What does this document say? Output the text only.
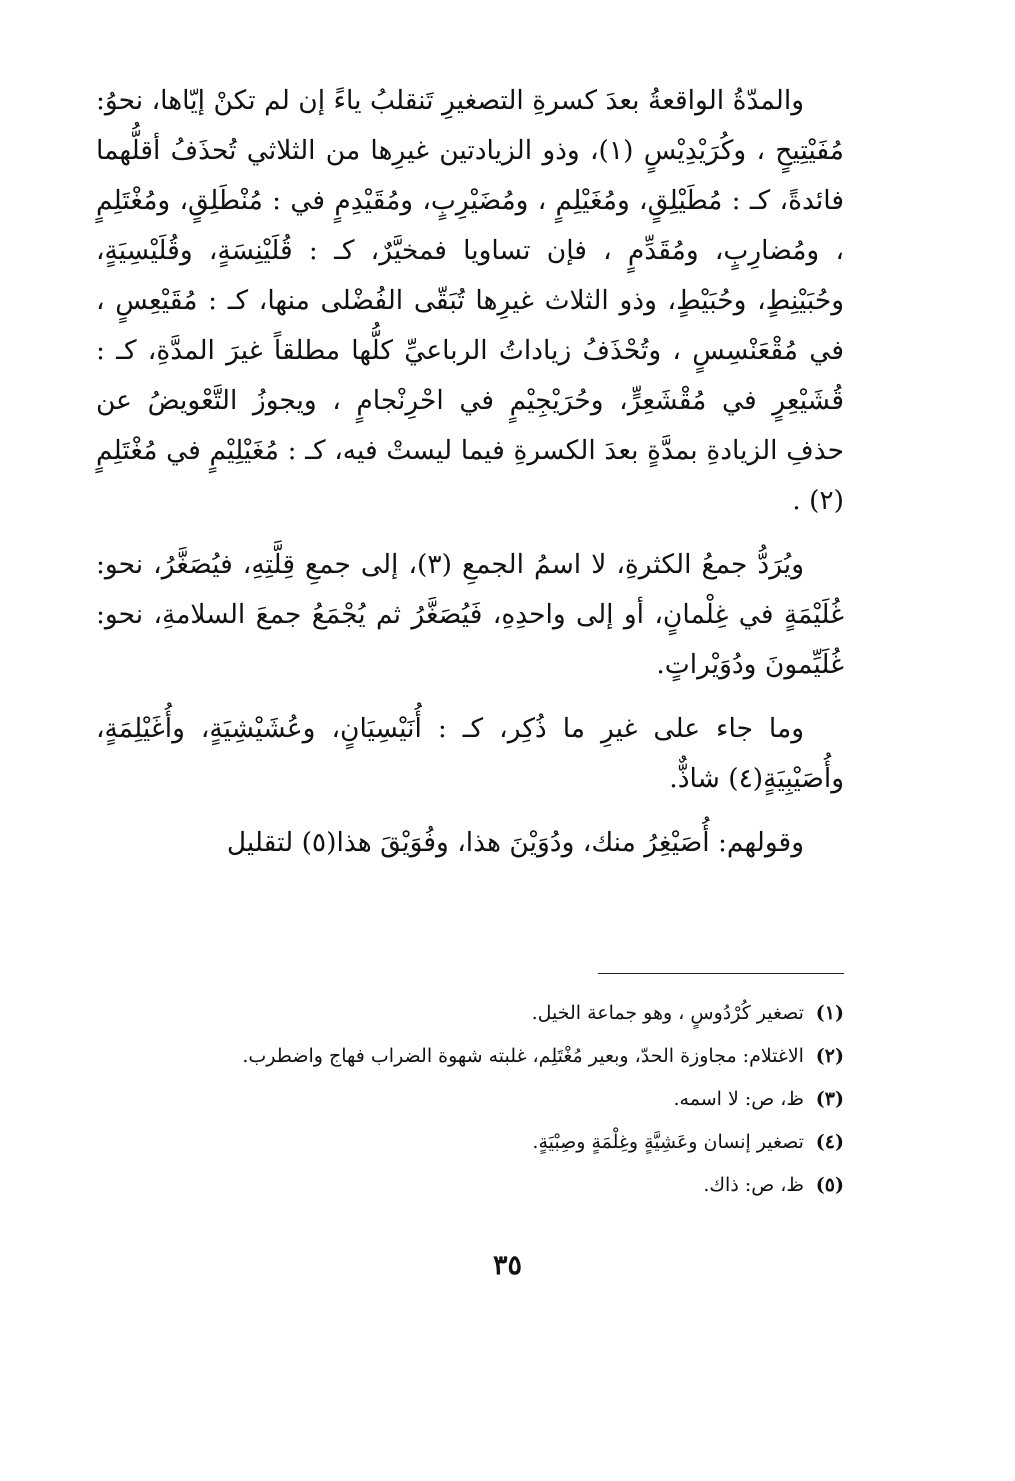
والمدّةُ الواقعةُ بعدَ كسرةِ التصغيرِ تَنقلبُ ياءً إن لم تكنْ إيّاها، نحوُ: مُفَيْتِيحٍ ، وكُرَيْدِيْسٍ (١)، وذو الزيادتين غيرِها من الثلاثي تُحذَفُ أقلُّهما فائدةً، كـ : مُطَيْلِقٍ، ومُغَيْلِمٍ ، ومُضَيْرِبٍ، ومُقَيْدِمٍ في : مُنْطَلِقٍ، ومُغْتَلِمٍ ، ومُضارِبٍ، ومُقَدِّمٍ ، فإن تساويا فمخيَّرٌ، كـ : قُلَيْنِسَةٍ، وقُلَيْسِيَةٍ، وحُبَيْنِطٍ، وحُبَيْطٍ، وذو الثلاث غيرِها تُبَقّى الفُضْلى منها، كـ : مُقَيْعِسٍ ، في مُقْعَنْسِسٍ ، وتُحْذَفُ زياداتُ الرباعيِّ كلُّها مطلقاً غيرَ المدَّةِ، كـ : قُشَيْعِرٍ في مُقْشَعِرٍّ، وحُرَيْجِيْمٍ في احْرِنْجامٍ ، ويجوزُ التَّعْويضُ عن حذفِ الزيادةِ بمدَّةٍ بعدَ الكسرةِ فيما ليستْ فيه، كـ : مُغَيْلِيْمٍ في مُغْتَلِمٍ (٢) .

ويُرَدُّ جمعُ الكثرةِ، لا اسمُ الجمعِ (٣)، إلى جمعِ قِلَّتِهِ، فيُصَغَّرُ، نحو: غُلَيْمَةٍ في غِلْمانٍ، أو إلى واحدِهِ، فَيُصَغَّرُ ثم يُجْمَعُ جمعَ السلامةِ، نحو: غُلَيِّمونَ ودُوَيْراتٍ.

وما جاء على غيرِ ما ذُكِر، كـ : أُنَيْسِيَانٍ، وعُشَيْشِيَةٍ، وأُغَيْلِمَةٍ، وأُصَيْبِيَةٍ(٤) شاذٌّ.

وقولهم: أُصَيْغِرُ منك، ودُوَيْنَ هذا، وفُوَيْقَ هذا(٥) لتقليل

(١) تصغير كُرْدُوسٍ ، وهو جماعة الخيل.
(٢) الاغتلام: مجاوزة الحدّ، وبعير مُغْتَلِم، غلبته شهوة الضراب فهاج واضطرب.
(٣) ظ، ص: لا اسمه.
(٤) تصغير إنسان وعَشِيَّةٍ وغِلْمَةٍ وصِبْيَةٍ.
(٥) ظ، ص: ذاك.
٣٥
